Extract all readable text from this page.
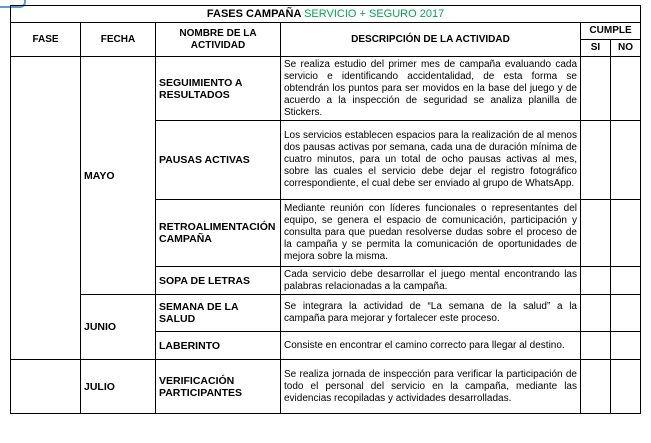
FASES CAMPAÑA SERVICIO + SEGURO 2017					
FASE	FECHA	NOMBRE DE LA ACTIVIDAD	DESCRIPCIÓN DE LA ACTIVIDAD	CUMPLE	
				SI	NO
	MAYO	SEGUIMIENTO A RESULTADOS	Se realiza estudio del primer mes de campaña evaluando cada servicio e identificando accidentalidad, de esta forma se obtendrán los puntos para ser movidos en la base del juego y de acuerdo a la inspección de seguridad se analiza planilla de Stickers.		
		PAUSAS ACTIVAS	Los servicios establecen espacios para la realización de al menos dos pausas activas por semana, cada una de duración mínima de cuatro minutos, para un total de ocho pausas activas al mes, sobre las cuales el servicio debe dejar el registro fotográfico correspondiente, el cual debe ser enviado al grupo de WhatsApp.		
		RETROALIMENTACIÓN CAMPAÑA	Mediante reunión con líderes funcionales o representantes del equipo, se genera el espacio de comunicación, participación y consulta para que puedan resolverse dudas sobre el proceso de la campaña y se permita la comunicación de oportunidades de mejora sobre la misma.		
		SOPA DE LETRAS	Cada servicio debe desarrollar el juego mental encontrando las palabras relacionadas a la campaña.		
	JUNIO	SEMANA DE LA SALUD	Se integrara la actividad de “La semana de la salud” a la campaña para mejorar y fortalecer este proceso.		
		LABERINTO	Consiste en encontrar el camino correcto para llegar al destino.		
	JULIO	VERIFICACIÓN PARTICIPANTES	Se realiza jornada de inspección para verificar la participación de todo el personal del servicio en la campaña, mediante las evidencias recopiladas y actividades desarrolladas.		
